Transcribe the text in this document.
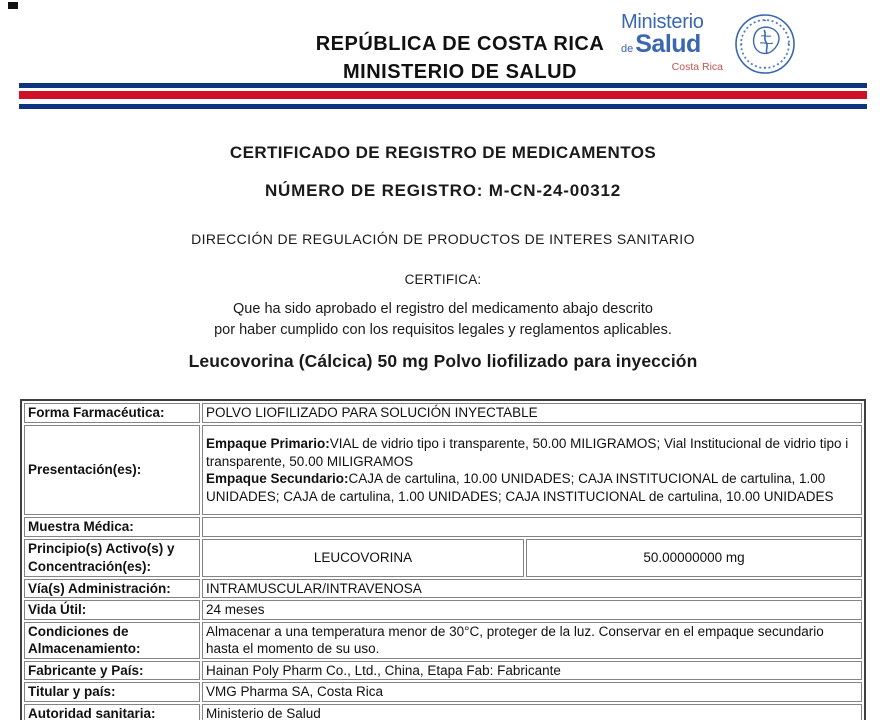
REPÚBLICA DE COSTA RICA
MINISTERIO DE SALUD
Ministerio
de Salud
Costa Rica
CERTIFICADO DE REGISTRO DE MEDICAMENTOS
NÚMERO DE REGISTRO: M-CN-24-00312
DIRECCIÓN DE REGULACIÓN DE PRODUCTOS DE INTERES SANITARIO
CERTIFICA:
Que ha sido aprobado el registro del medicamento abajo descrito
por haber cumplido con los requisitos legales y reglamentos aplicables.
Leucovorina (Cálcica) 50 mg Polvo liofilizado para inyección
Forma Farmacéutica:	POLVO LIOFILIZADO PARA SOLUCIÓN INYECTABLE	
Presentación(es):	Empaque Primario:VIAL de vidrio tipo i transparente, 50.00 MILIGRAMOS; Vial Institucional de vidrio tipo i transparente, 50.00 MILIGRAMOS
Empaque Secundario:CAJA de cartulina, 10.00 UNIDADES; CAJA INSTITUCIONAL de cartulina, 1.00 UNIDADES; CAJA de cartulina, 1.00 UNIDADES; CAJA INSTITUCIONAL de cartulina, 10.00 UNIDADES	

Muestra Médica:		
Principio(s) Activo(s) y Concentración(es):	LEUCOVORINA	50.00000000 mg
Vía(s) Administración:	INTRAMUSCULAR/INTRAVENOSA	
Vida Útil:	24 meses	
Condiciones de Almacenamiento:	Almacenar a una temperatura menor de 30°C, proteger de la luz. Conservar en el empaque secundario hasta el momento de su uso.	
Fabricante y País:	Hainan Poly Pharm Co., Ltd., China, Etapa Fab: Fabricante	
Titular y país:	VMG Pharma SA, Costa Rica	
Autoridad sanitaria:	Ministerio de Salud	
